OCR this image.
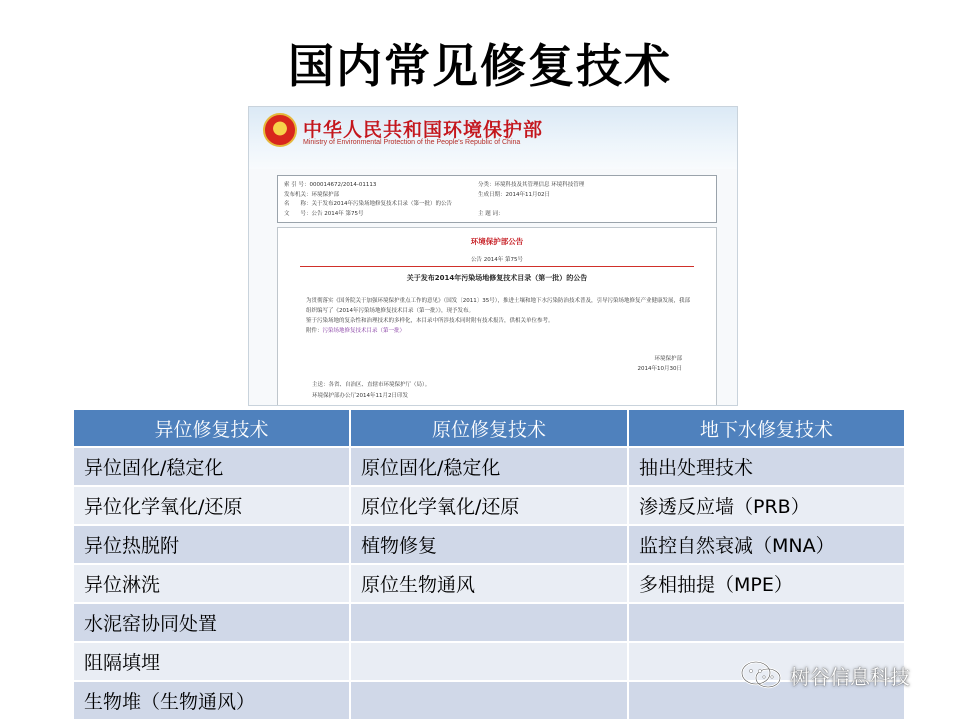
国内常见修复技术
中华人民共和国环境保护部
Ministry of Environmental Protection of the People's Republic of China
索 引 号：000014672/2014-01113
发布机关：环境保护部
名　　称：关于发布2014年污染场地修复技术目录（第一批）的公告
文　　号：公告 2014年 第75号
分类：环境科技及其管理信息 环境科技管理
生成日期：2014年11月02日

主 题 词：
环境保护部公告
公告 2014年 第75号
关于发布2014年污染场地修复技术目录（第一批）的公告
为贯彻落实《国务院关于加强环境保护重点工作的意见》（国发〔2011〕35号），推进土壤和地下水污染防治技术普及，引导污染场地修复产业健康发展，我部组织编写了《2014年污染场地修复技术目录（第一批）》，现予发布。
鉴于污染场地的复杂性和治理技术的多样化，本目录中所涉技术同时附有技术报告，供相关单位参考。
附件：污染场地修复技术目录（第一批）
环境保护部
2014年10月30日
主送：各省、自治区、直辖市环境保护厅（局）。
环境保护部办公厅2014年11月2日印发
异位修复技术	原位修复技术	地下水修复技术
异位固化/稳定化	原位固化/稳定化	抽出处理技术
异位化学氧化/还原	原位化学氧化/还原	渗透反应墙（PRB）
异位热脱附	植物修复	监控自然衰减（MNA）
异位淋洗	原位生物通风	多相抽提（MPE）
水泥窑协同处置		
阻隔填埋		
生物堆（生物通风）		
树谷信息科技
